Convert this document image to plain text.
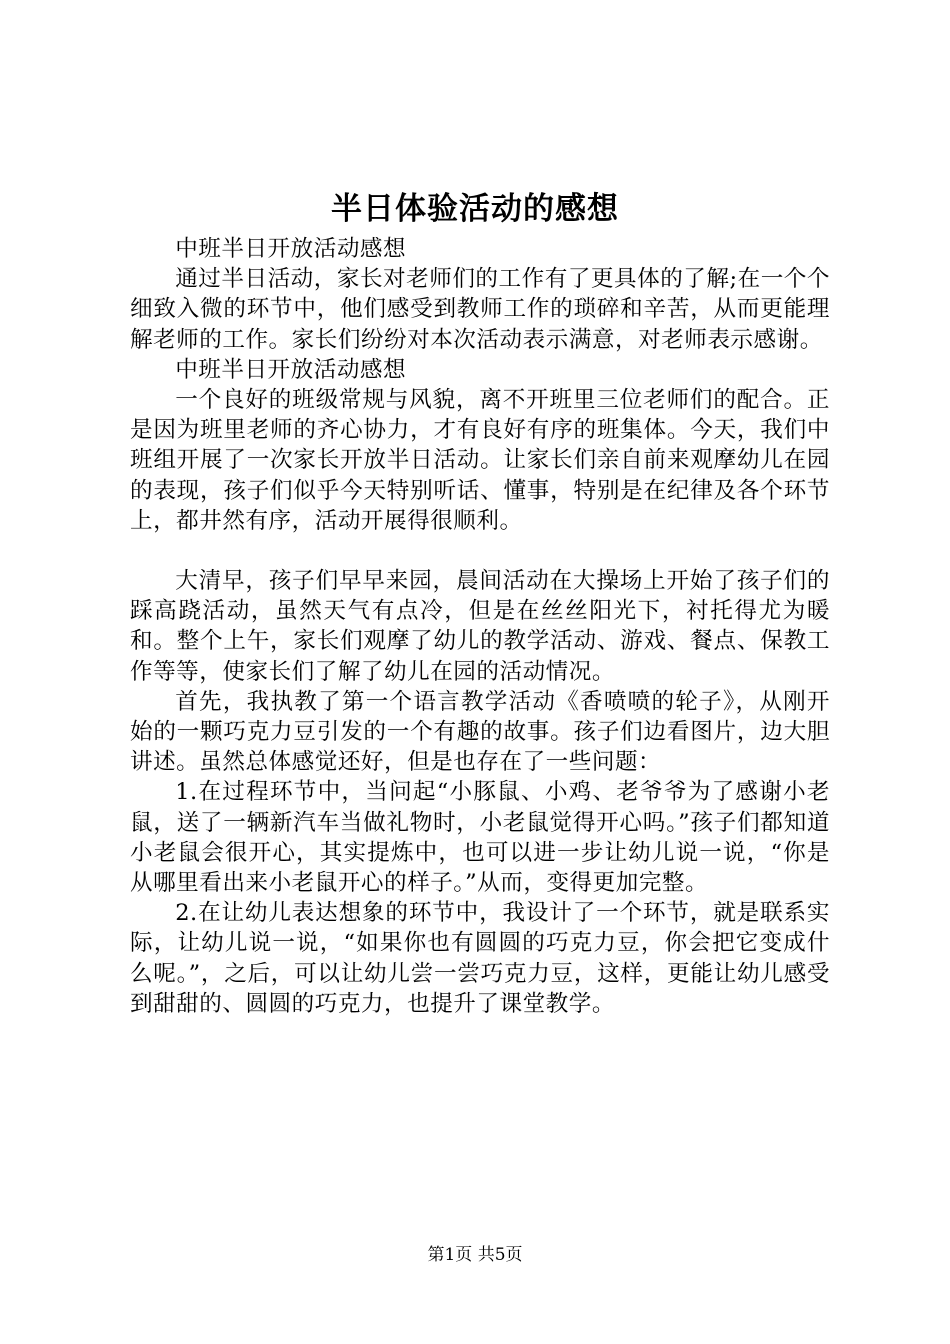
半日体验活动的感想

中班半日开放活动感想

通过半日活动，家长对老师们的工作有了更具体的了解;在一个个细致入微的环节中，他们感受到教师工作的琐碎和辛苦，从而更能理解老师的工作。家长们纷纷对本次活动表示满意，对老师表示感谢。

中班半日开放活动感想

一个良好的班级常规与风貌，离不开班里三位老师们的配合。正是因为班里老师的齐心协力，才有良好有序的班集体。今天，我们中班组开展了一次家长开放半日活动。让家长们亲自前来观摩幼儿在园的表现，孩子们似乎今天特别听话、懂事，特别是在纪律及各个环节上，都井然有序，活动开展得很顺利。

大清早，孩子们早早来园，晨间活动在大操场上开始了孩子们的踩高跷活动，虽然天气有点冷，但是在丝丝阳光下，衬托得尤为暖和。整个上午，家长们观摩了幼儿的教学活动、游戏、餐点、保教工作等等，使家长们了解了幼儿在园的活动情况。

首先，我执教了第一个语言教学活动《香喷喷的轮子》，从刚开始的一颗巧克力豆引发的一个有趣的故事。孩子们边看图片，边大胆讲述。虽然总体感觉还好，但是也存在了一些问题：

1.在过程环节中，当问起“小豚鼠、小鸡、老爷爷为了感谢小老鼠，送了一辆新汽车当做礼物时，小老鼠觉得开心吗。”孩子们都知道小老鼠会很开心，其实提炼中，也可以进一步让幼儿说一说，“你是从哪里看出来小老鼠开心的样子。”从而，变得更加完整。

2.在让幼儿表达想象的环节中，我设计了一个环节，就是联系实际，让幼儿说一说，“如果你也有圆圆的巧克力豆，你会把它变成什么呢。”，之后，可以让幼儿尝一尝巧克力豆，这样，更能让幼儿感受到甜甜的、圆圆的巧克力，也提升了课堂教学。

第1页 共5页
